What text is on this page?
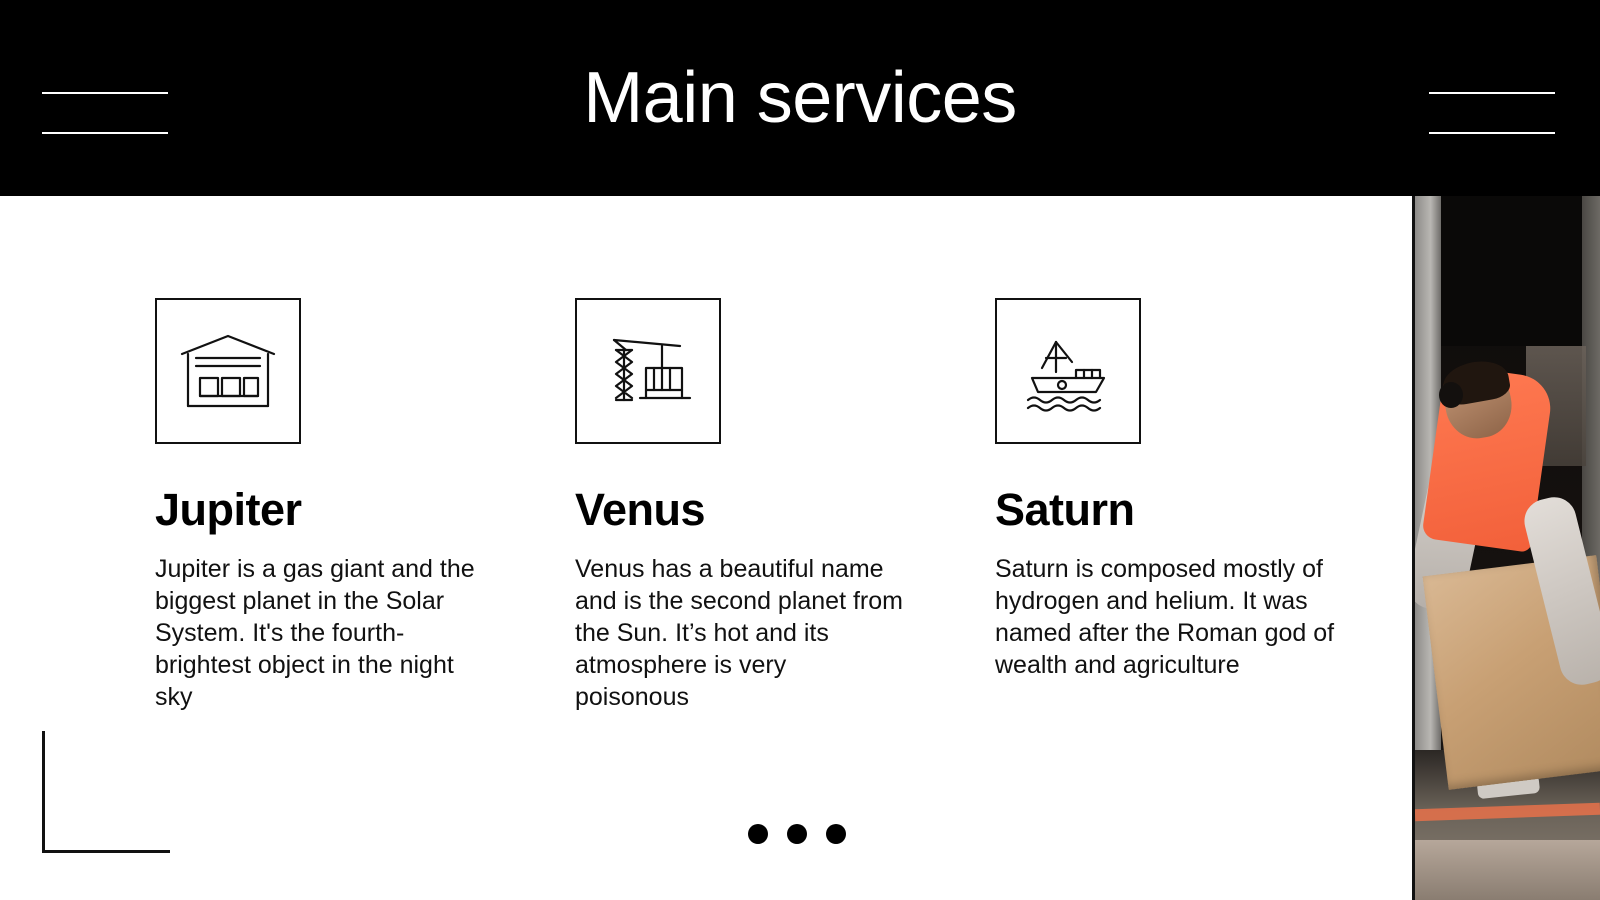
Main services
Jupiter
Jupiter is a gas giant and the biggest planet in the Solar System. It's the fourth-brightest object in the night sky
Venus
Venus has a beautiful name and is the second planet from the Sun. It’s hot and its atmosphere is very poisonous
Saturn
Saturn is composed mostly of hydrogen and helium. It was named after the Roman god of wealth and agriculture
